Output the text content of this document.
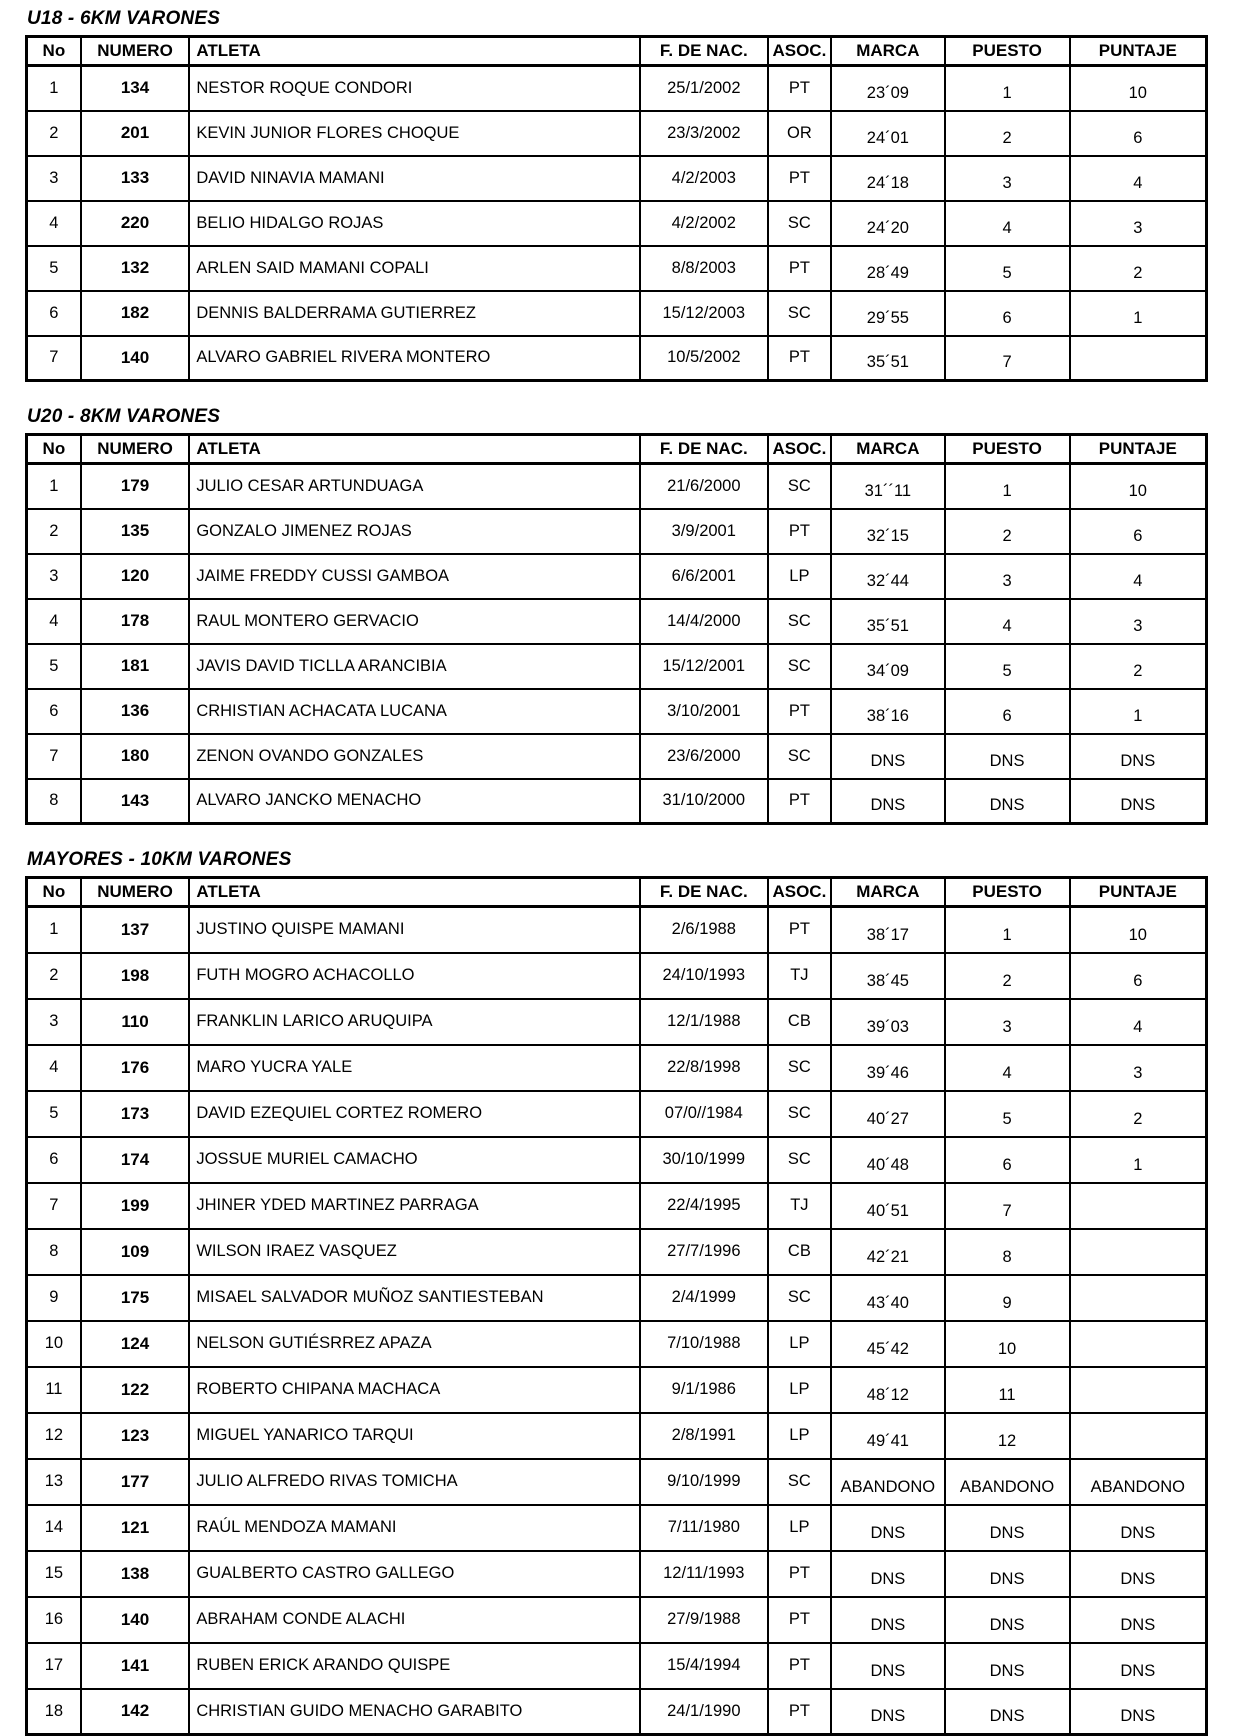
U18 - 6KM VARONES
No	NUMERO	ATLETA	F. DE NAC.	ASOC.	MARCA	PUESTO	PUNTAJE
1	134	NESTOR ROQUE CONDORI	25/1/2002	PT	23´09	1	10
2	201	KEVIN JUNIOR FLORES CHOQUE	23/3/2002	OR	24´01	2	6
3	133	DAVID NINAVIA MAMANI	4/2/2003	PT	24´18	3	4
4	220	BELIO HIDALGO ROJAS	4/2/2002	SC	24´20	4	3
5	132	ARLEN SAID MAMANI COPALI	8/8/2003	PT	28´49	5	2
6	182	DENNIS BALDERRAMA GUTIERREZ	15/12/2003	SC	29´55	6	1
7	140	ALVARO GABRIEL RIVERA MONTERO	10/5/2002	PT	35´51	7	
U20 - 8KM VARONES
No	NUMERO	ATLETA	F. DE NAC.	ASOC.	MARCA	PUESTO	PUNTAJE
1	179	JULIO CESAR ARTUNDUAGA	21/6/2000	SC	31´´11	1	10
2	135	GONZALO JIMENEZ ROJAS	3/9/2001	PT	32´15	2	6
3	120	JAIME FREDDY CUSSI GAMBOA	6/6/2001	LP	32´44	3	4
4	178	RAUL MONTERO GERVACIO	14/4/2000	SC	35´51	4	3
5	181	JAVIS DAVID TICLLA ARANCIBIA	15/12/2001	SC	34´09	5	2
6	136	CRHISTIAN ACHACATA LUCANA	3/10/2001	PT	38´16	6	1
7	180	ZENON OVANDO GONZALES	23/6/2000	SC	DNS	DNS	DNS
8	143	ALVARO JANCKO MENACHO	31/10/2000	PT	DNS	DNS	DNS
MAYORES - 10KM VARONES
No	NUMERO	ATLETA	F. DE NAC.	ASOC.	MARCA	PUESTO	PUNTAJE
1	137	JUSTINO QUISPE MAMANI	2/6/1988	PT	38´17	1	10
2	198	FUTH MOGRO ACHACOLLO	24/10/1993	TJ	38´45	2	6
3	110	FRANKLIN LARICO ARUQUIPA	12/1/1988	CB	39´03	3	4
4	176	MARO YUCRA YALE	22/8/1998	SC	39´46	4	3
5	173	DAVID EZEQUIEL CORTEZ ROMERO	07/0//1984	SC	40´27	5	2
6	174	JOSSUE MURIEL CAMACHO	30/10/1999	SC	40´48	6	1
7	199	JHINER YDED MARTINEZ PARRAGA	22/4/1995	TJ	40´51	7	
8	109	WILSON IRAEZ VASQUEZ	27/7/1996	CB	42´21	8	
9	175	MISAEL SALVADOR MUÑOZ SANTIESTEBAN	2/4/1999	SC	43´40	9	
10	124	NELSON GUTIÉSRREZ APAZA	7/10/1988	LP	45´42	10	
11	122	ROBERTO CHIPANA MACHACA	9/1/1986	LP	48´12	11	
12	123	MIGUEL YANARICO TARQUI	2/8/1991	LP	49´41	12	
13	177	JULIO ALFREDO RIVAS TOMICHA	9/10/1999	SC	ABANDONO	ABANDONO	ABANDONO
14	121	RAÚL MENDOZA MAMANI	7/11/1980	LP	DNS	DNS	DNS
15	138	GUALBERTO CASTRO GALLEGO	12/11/1993	PT	DNS	DNS	DNS
16	140	ABRAHAM CONDE ALACHI	27/9/1988	PT	DNS	DNS	DNS
17	141	RUBEN ERICK ARANDO QUISPE	15/4/1994	PT	DNS	DNS	DNS
18	142	CHRISTIAN GUIDO MENACHO GARABITO	24/1/1990	PT	DNS	DNS	DNS
